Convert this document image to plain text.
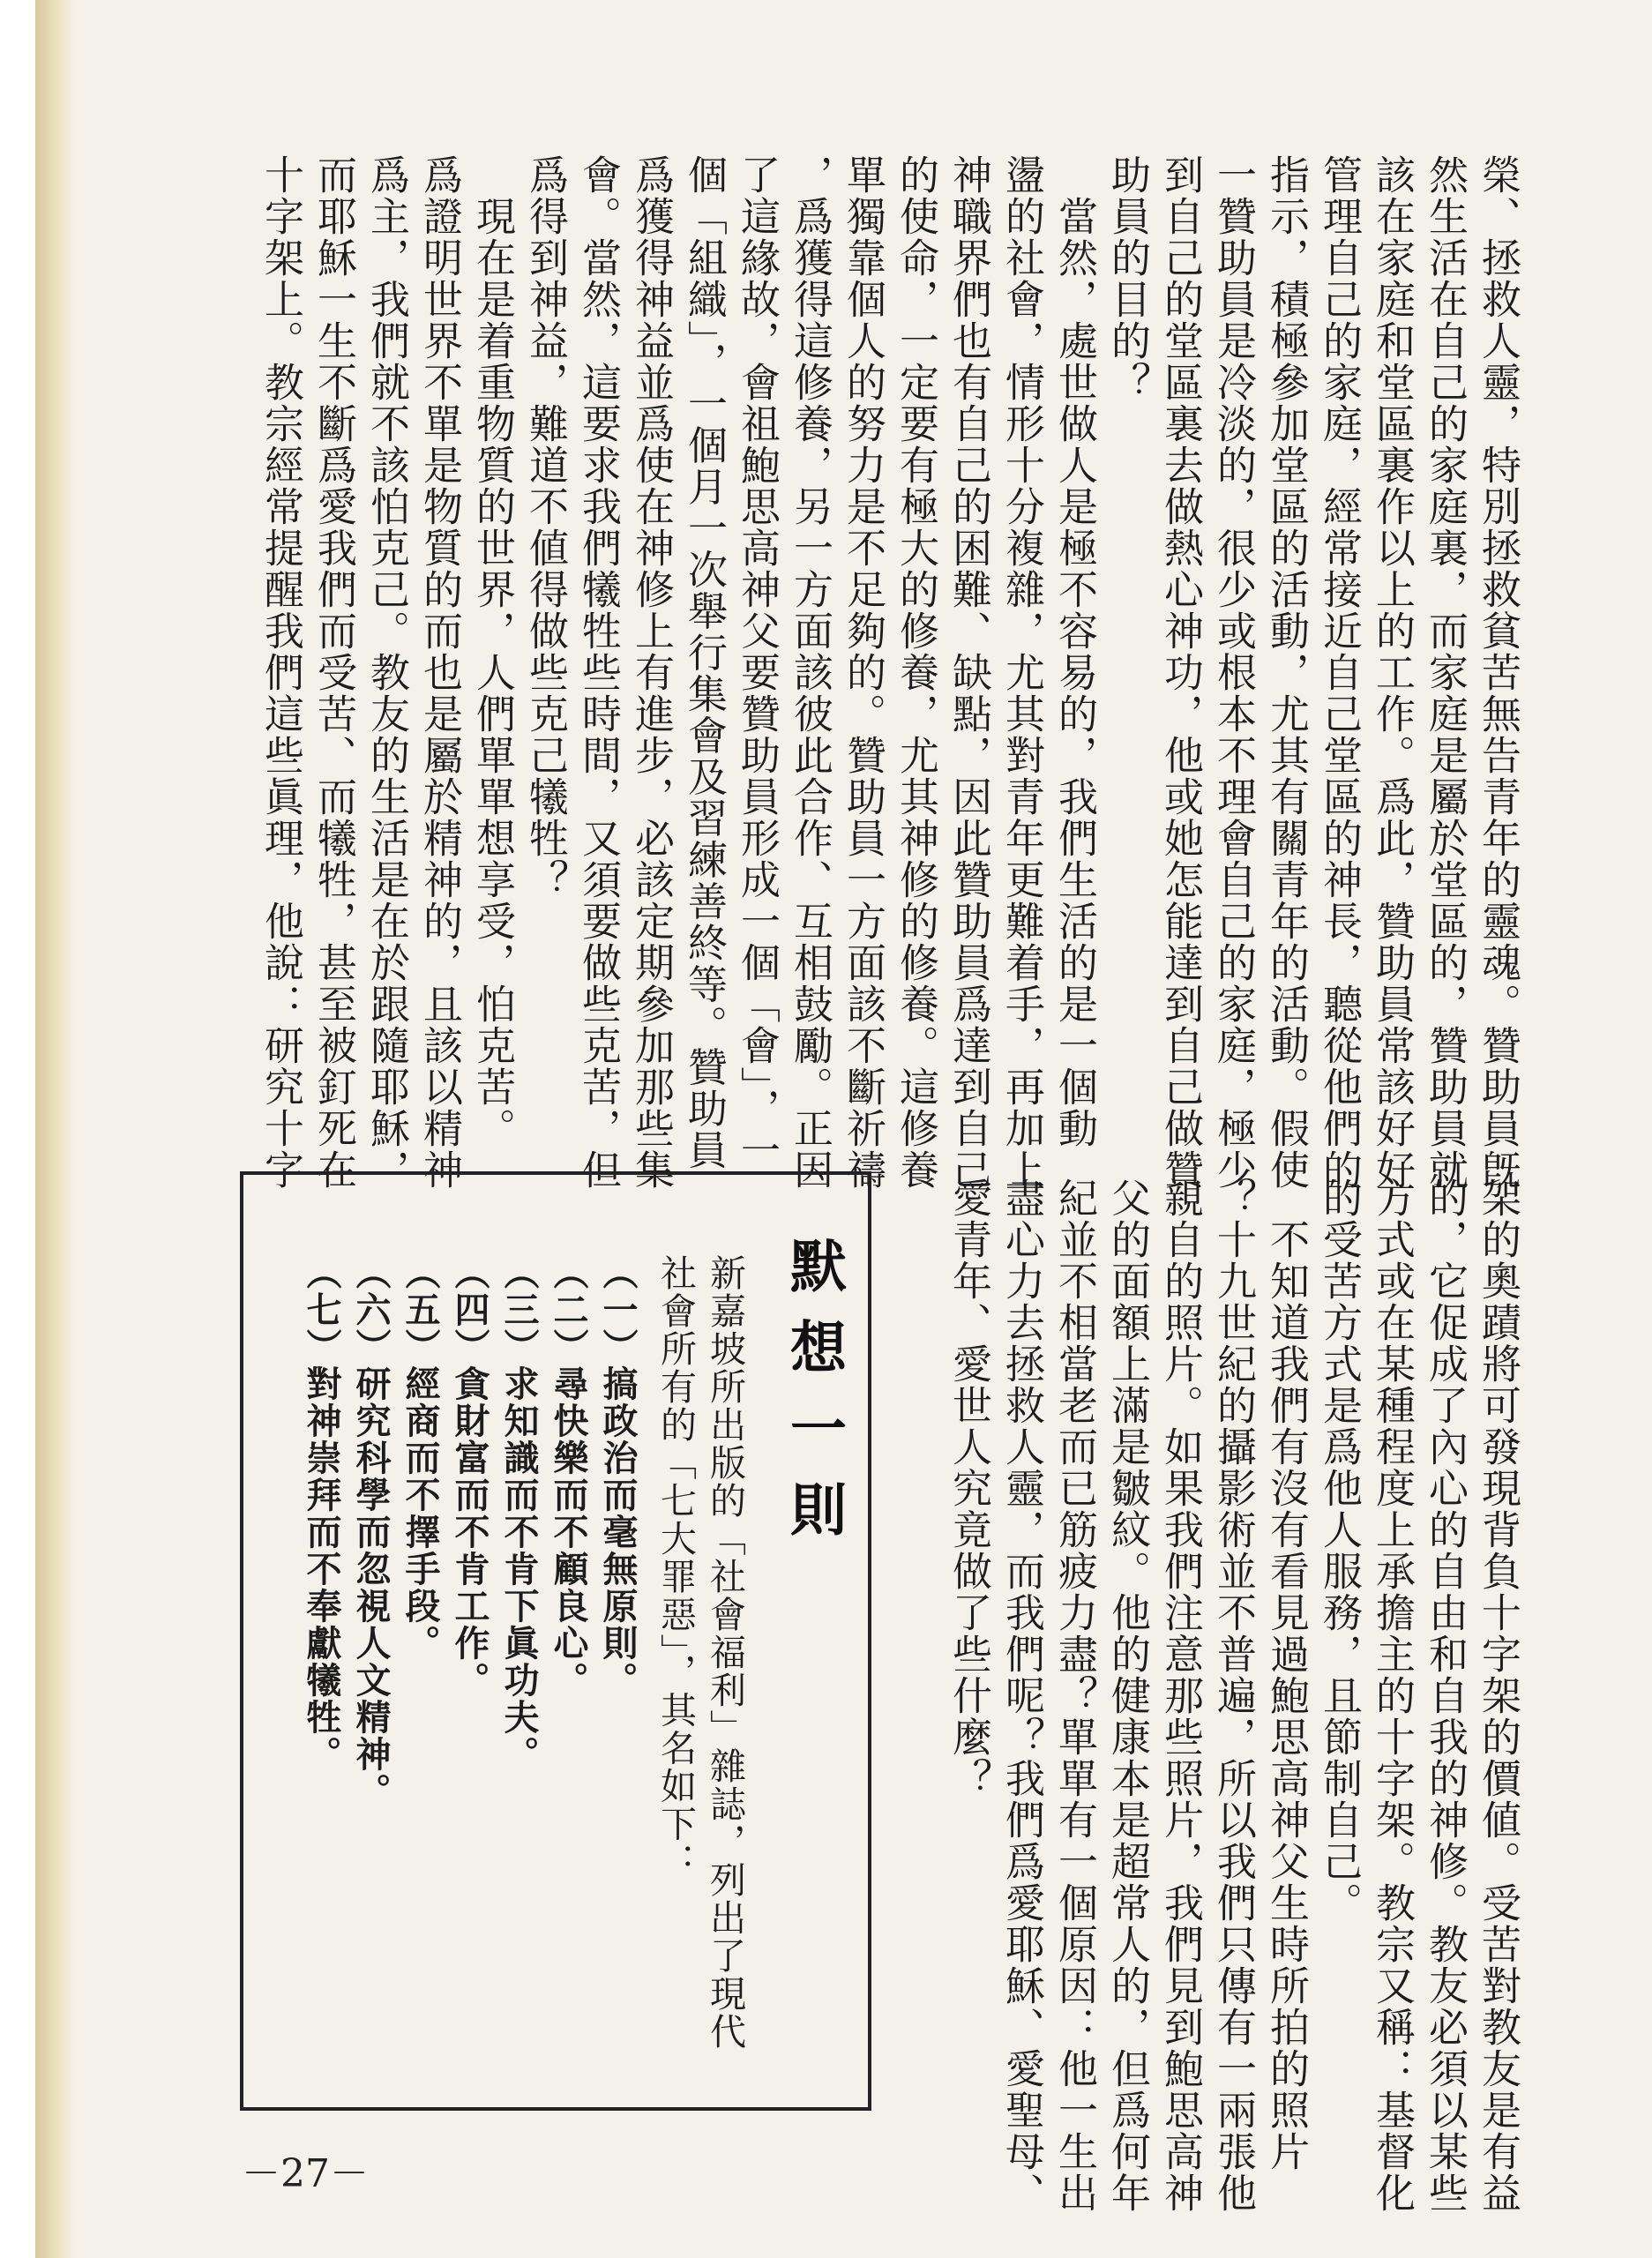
榮、拯救人靈，特別拯救貧苦無告青年的靈魂。贊助員旣
然生活在自己的家庭裏，而家庭是屬於堂區的，贊助員就
該在家庭和堂區裏作以上的工作。爲此，贊助員常該好好
管理自己的家庭，經常接近自己堂區的神長，聽從他們的
指示，積極參加堂區的活動，尤其有關青年的活動。假使
一贊助員是冷淡的，很少或根本不理會自己的家庭，極少
到自己的堂區裏去做熱心神功，他或她怎能達到自己做贊
助員的目的？
　當然，處世做人是極不容易的，我們生活的是一個動
盪的社會，情形十分複雜，尤其對青年更難着手，再加上
神職界們也有自己的困難、缺點，因此贊助員爲達到自己
的使命，一定要有極大的修養，尤其神修的修養。這修養
單獨靠個人的努力是不足夠的。贊助員一方面該不斷祈禱
，爲獲得這修養，另一方面該彼此合作、互相鼓勵。正因
了這緣故，會祖鮑思高神父要贊助員形成一個「會」，一
個「組織」，一個月一次舉行集會及習練善終等。贊助員
爲獲得神益並爲使在神修上有進步，必該定期參加那些集
會。當然，這要求我們犧牲些時間，又須要做些克苦，但
爲得到神益，難道不値得做些克己犧牲？
　現在是着重物質的世界，人們單單想享受，怕克苦。
爲證明世界不單是物質的而也是屬於精神的，且該以精神
爲主，我們就不該怕克己。教友的生活是在於跟隨耶穌，
而耶穌一生不斷爲愛我們而受苦、而犧牲，甚至被釘死在
十字架上。教宗經常提醒我們這些眞理，他說：研究十字
架的奧蹟將可發現背負十字架的價値。受苦對教友是有益
的，它促成了內心的自由和自我的神修。教友必須以某些
方式或在某種程度上承擔主的十字架。教宗又稱：基督化
的受苦方式是爲他人服務，且節制自己。
　不知道我們有沒有看見過鮑思高神父生時所拍的照片
？十九世紀的攝影術並不普遍，所以我們只傳有一兩張他
親自的照片。如果我們注意那些照片，我們見到鮑思高神
父的面額上滿是皺紋。他的健康本是超常人的，但爲何年
紀並不相當老而已筋疲力盡？單單有一個原因：他一生出
盡心力去拯救人靈，而我們呢？我們爲愛耶穌、愛聖母、
愛青年、愛世人究竟做了些什麼？
默想一則
新嘉坡所出版的「社會福利」雜誌，列出了現代
社會所有的「七大罪惡」，其名如下：
（一）搞政治而毫無原則。
（二）尋快樂而不顧良心。
（三）求知識而不肯下眞功夫。
（四）貪財富而不肯工作。
（五）經商而不擇手段。
（六）研究科學而忽視人文精神。
（七）對神崇拜而不奉獻犧牲。
－27－
